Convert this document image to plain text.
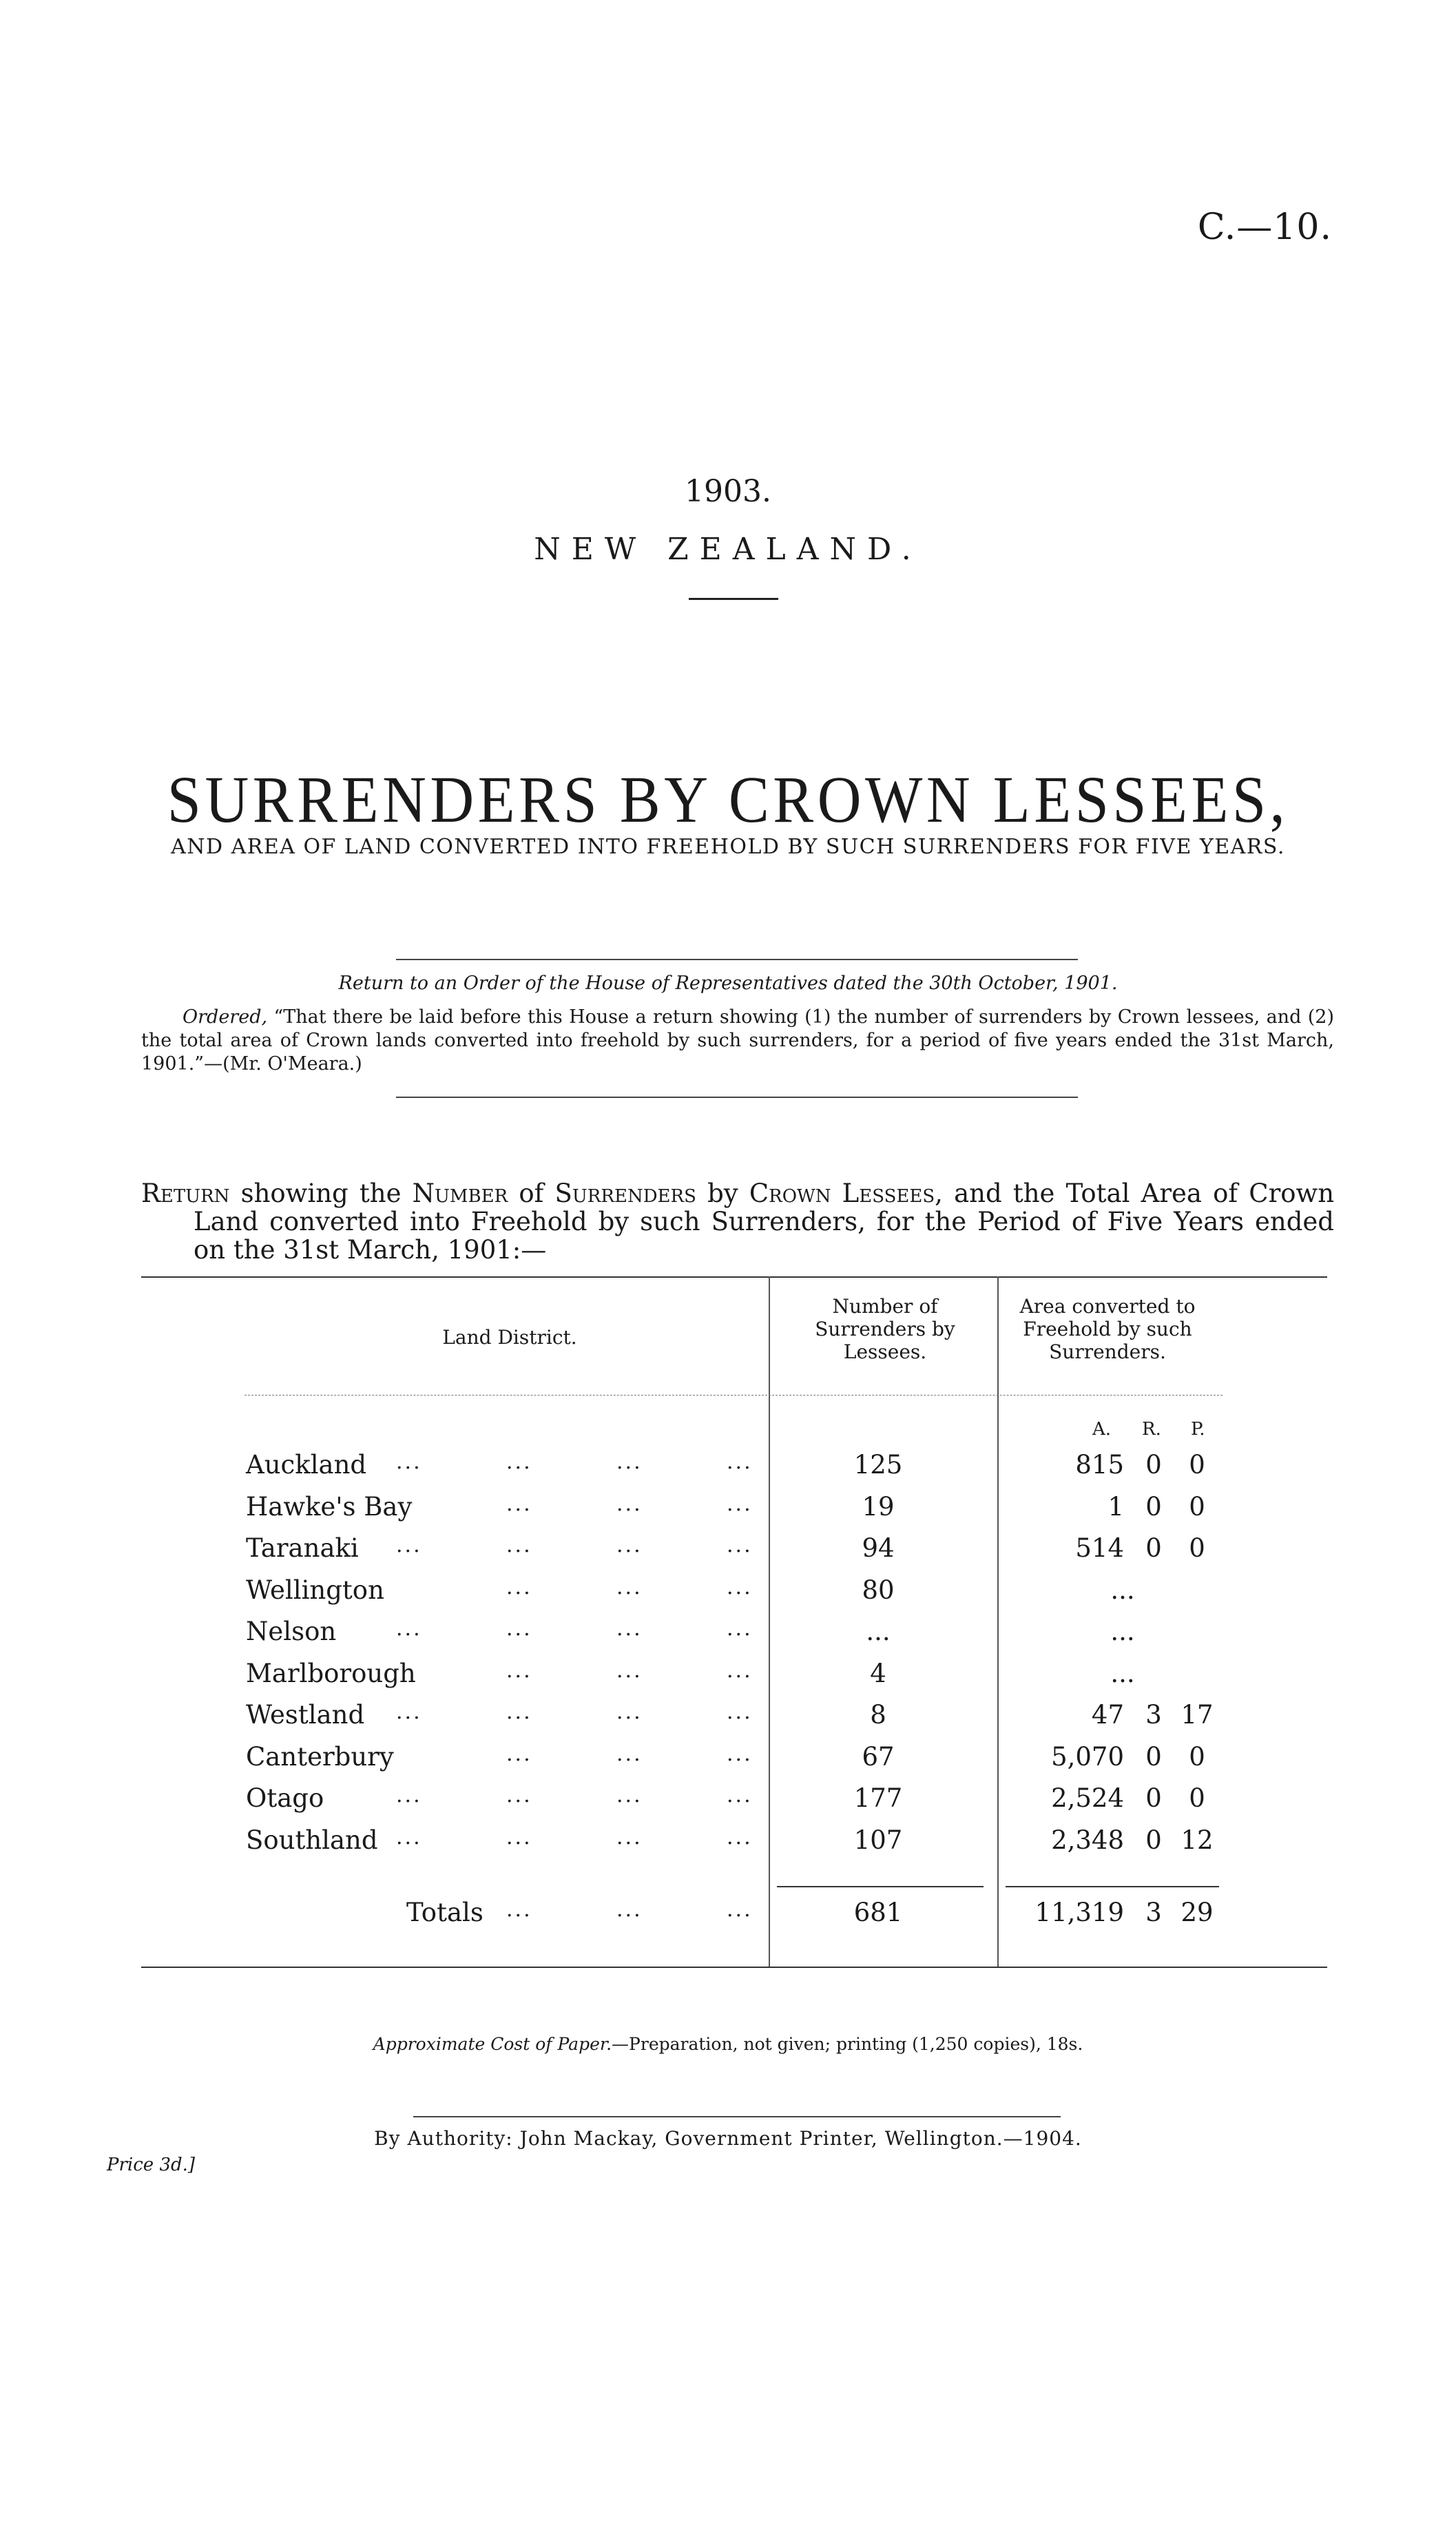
C.—10.
1903.
NEW ZEALAND.
SURRENDERS BY CROWN LESSEES,
AND AREA OF LAND CONVERTED INTO FREEHOLD BY SUCH SURRENDERS FOR FIVE YEARS.
Return to an Order of the House of Representatives dated the 30th October, 1901.
Ordered, “That there be laid before this House a return showing (1) the number of surrenders by Crown lessees, and (2) the total area of Crown lands converted into freehold by such surrenders, for a period of five years ended the 31st March, 1901.”—(Mr. O'Meara.)
Return showing the Number of Surrenders by Crown Lessees, and the Total Area of Crown Land converted into Freehold by such Surrenders, for the Period of Five Years ended on the 31st March, 1901:—
Land District.
Number of Surrenders by Lessees.
Area converted to Freehold by such Surrenders.
A. R. P.
Auckland ...	...	...	...	125	815 0	0
Hawke's Bay	...	...	...	19	1 0	0
Taranaki ...	...	...	...	94	514 0	0
Wellington	...	...	...	80	...
Nelson	...	...	...	...	...	...
Marlborough	...	...	...	4	...
Westland ...	...	...	...	8	47 3 17
Canterbury	...	...	...	67	5,070 0	0
Otago	...	...	...	...	177	2,524 0	0
Southland ...	...	...	...	107	2,348 0 12
Totals ...	...	...	681	11,319 3 29
Approximate Cost of Paper.—Preparation, not given; printing (1,250 copies), 18s.
By Authority: John Mackay, Government Printer, Wellington.—1904.
Price 3d.]
